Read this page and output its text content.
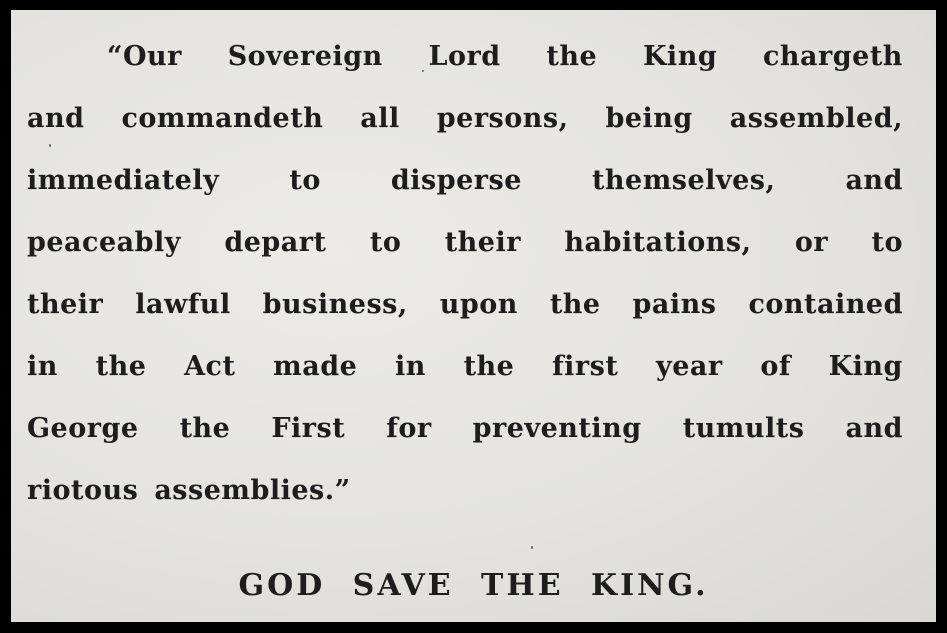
“Our Sovereign Lord the King chargeth
and commandeth all persons, being assembled,
immediately	to	disperse	themselves,	and
peaceably depart to their habitations, or to
their lawful business, upon the pains contained
in the Act made in the first year of King
George the First for preventing tumults and
riotous assemblies.”
GOD SAVE THE KING.
